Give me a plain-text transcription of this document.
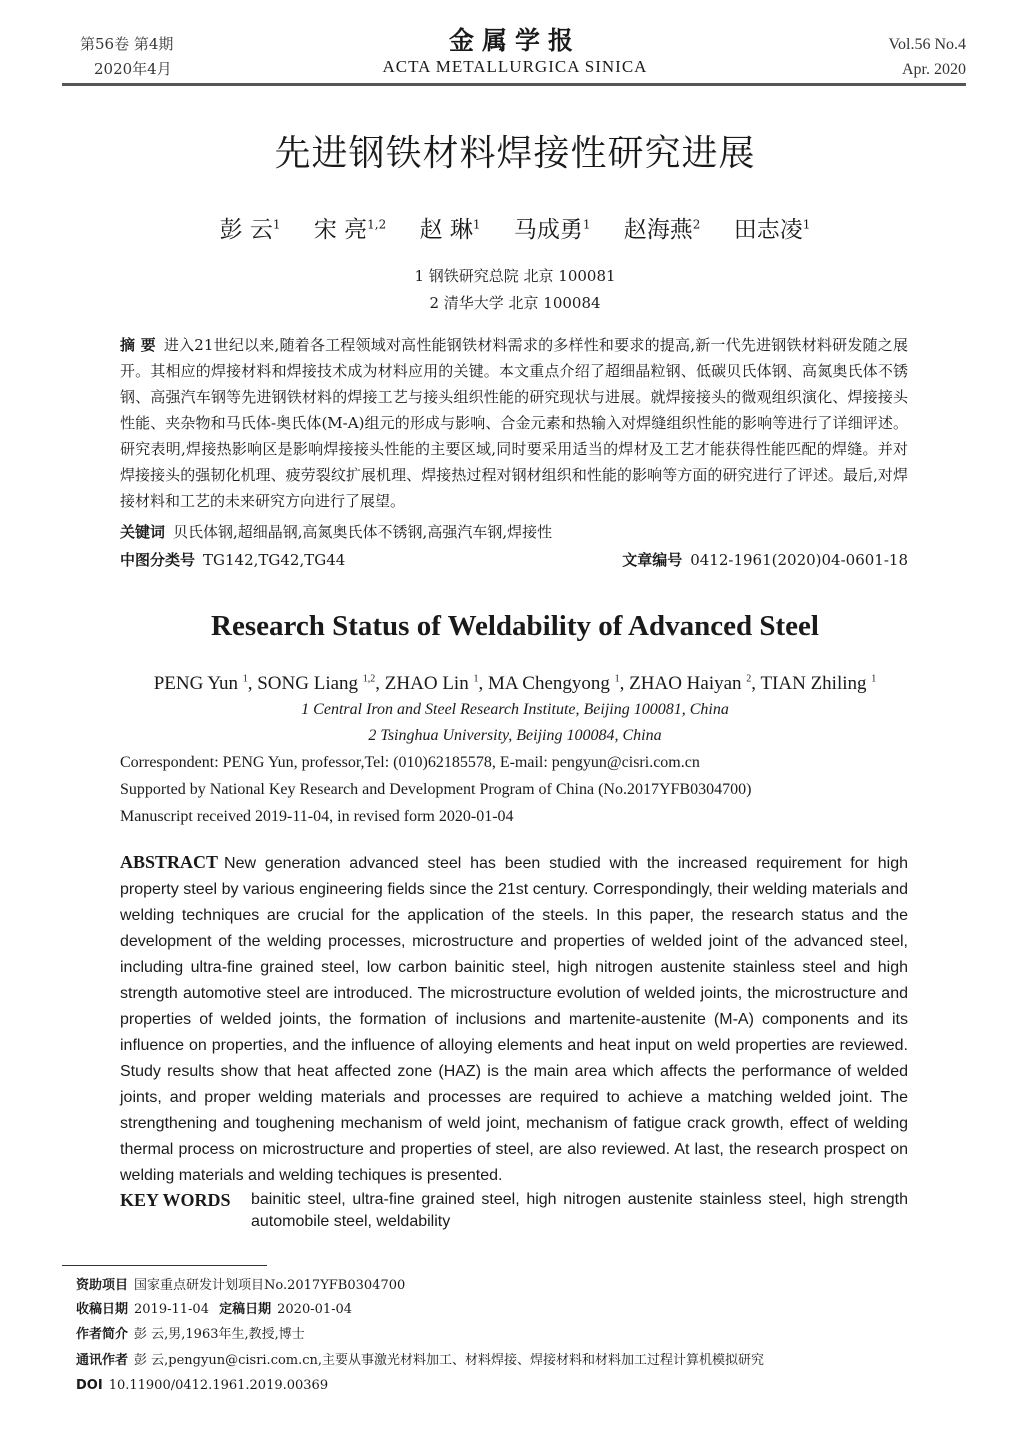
第56卷 第4期
2020年4月
金属学报
ACTA METALLURGICA SINICA
Vol.56 No.4
Apr. 2020
先进钢铁材料焊接性研究进展
彭 云$^1$ 宋 亮$^{1,2}$ 赵 琳$^1$ 马成勇$^1$ 赵海燕$^2$ 田志凌$^1$
1 钢铁研究总院 北京 100081
2 清华大学 北京 100084
摘 要 进入21世纪以来,随着各工程领域对高性能钢铁材料需求的多样性和要求的提高,新一代先进钢铁材料研发随之展开。其相应的焊接材料和焊接技术成为材料应用的关键。本文重点介绍了超细晶粒钢、低碳贝氏体钢、高氮奥氏体不锈钢、高强汽车钢等先进钢铁材料的焊接工艺与接头组织性能的研究现状与进展。就焊接接头的微观组织演化、焊接接头性能、夹杂物和马氏体-奥氏体(M-A)组元的形成与影响、合金元素和热输入对焊缝组织性能的影响等进行了详细评述。研究表明,焊接热影响区是影响焊接接头性能的主要区域,同时要采用适当的焊材及工艺才能获得性能匹配的焊缝。并对焊接接头的强韧化机理、疲劳裂纹扩展机理、焊接热过程对钢材组织和性能的影响等方面的研究进行了评述。最后,对焊接材料和工艺的未来研究方向进行了展望。
关键词 贝氏体钢,超细晶钢,高氮奥氏体不锈钢,高强汽车钢,焊接性
中图分类号 TG142,TG42,TG44	文章编号 0412-1961(2020)04-0601-18
Research Status of Weldability of Advanced Steel
PENG Yun $^1$, SONG Liang $^{1,2}$, ZHAO Lin $^1$, MA Chengyong $^1$, ZHAO Haiyan $^2$, TIAN Zhiling $^1$
1 Central Iron and Steel Research Institute, Beijing 100081, China
2 Tsinghua University, Beijing 100084, China
Correspondent: PENG Yun, professor,Tel: (010)62185578, E-mail: pengyun@cisri.com.cn
Supported by National Key Research and Development Program of China (No.2017YFB0304700)
Manuscript received 2019-11-04, in revised form 2020-01-04
ABSTRACT New generation advanced steel has been studied with the increased requirement for high property steel by various engineering fields since the 21st century. Correspondingly, their welding materials and welding techniques are crucial for the application of the steels. In this paper, the research status and the development of the welding processes, microstructure and properties of welded joint of the advanced steel, including ultra-fine grained steel, low carbon bainitic steel, high nitrogen austenite stainless steel and high strength automotive steel are introduced. The microstructure evolution of welded joints, the microstructure and properties of welded joints, the formation of inclusions and martenite-austenite (M-A) components and its influence on properties, and the influence of alloying elements and heat input on weld properties are reviewed. Study results show that heat affected zone (HAZ) is the main area which affects the performance of welded joints, and proper welding materials and processes are required to achieve a matching welded joint. The strengthening and toughening mechanism of weld joint, mechanism of fatigue crack growth, effect of welding thermal process on microstructure and properties of steel, are also reviewed. At last, the research prospect on welding materials and welding techiques is presented.
KEY WORDS bainitic steel, ultra-fine grained steel, high nitrogen austenite stainless steel, high strength automobile steel, weldability
资助项目 国家重点研发计划项目No.2017YFB0304700
收稿日期 2019-11-04 定稿日期 2020-01-04
作者简介 彭 云,男,1963年生,教授,博士
通讯作者 彭 云,pengyun@cisri.com.cn,主要从事激光材料加工、材料焊接、焊接材料和材料加工过程计算机模拟研究
DOI 10.11900/0412.1961.2019.00369
